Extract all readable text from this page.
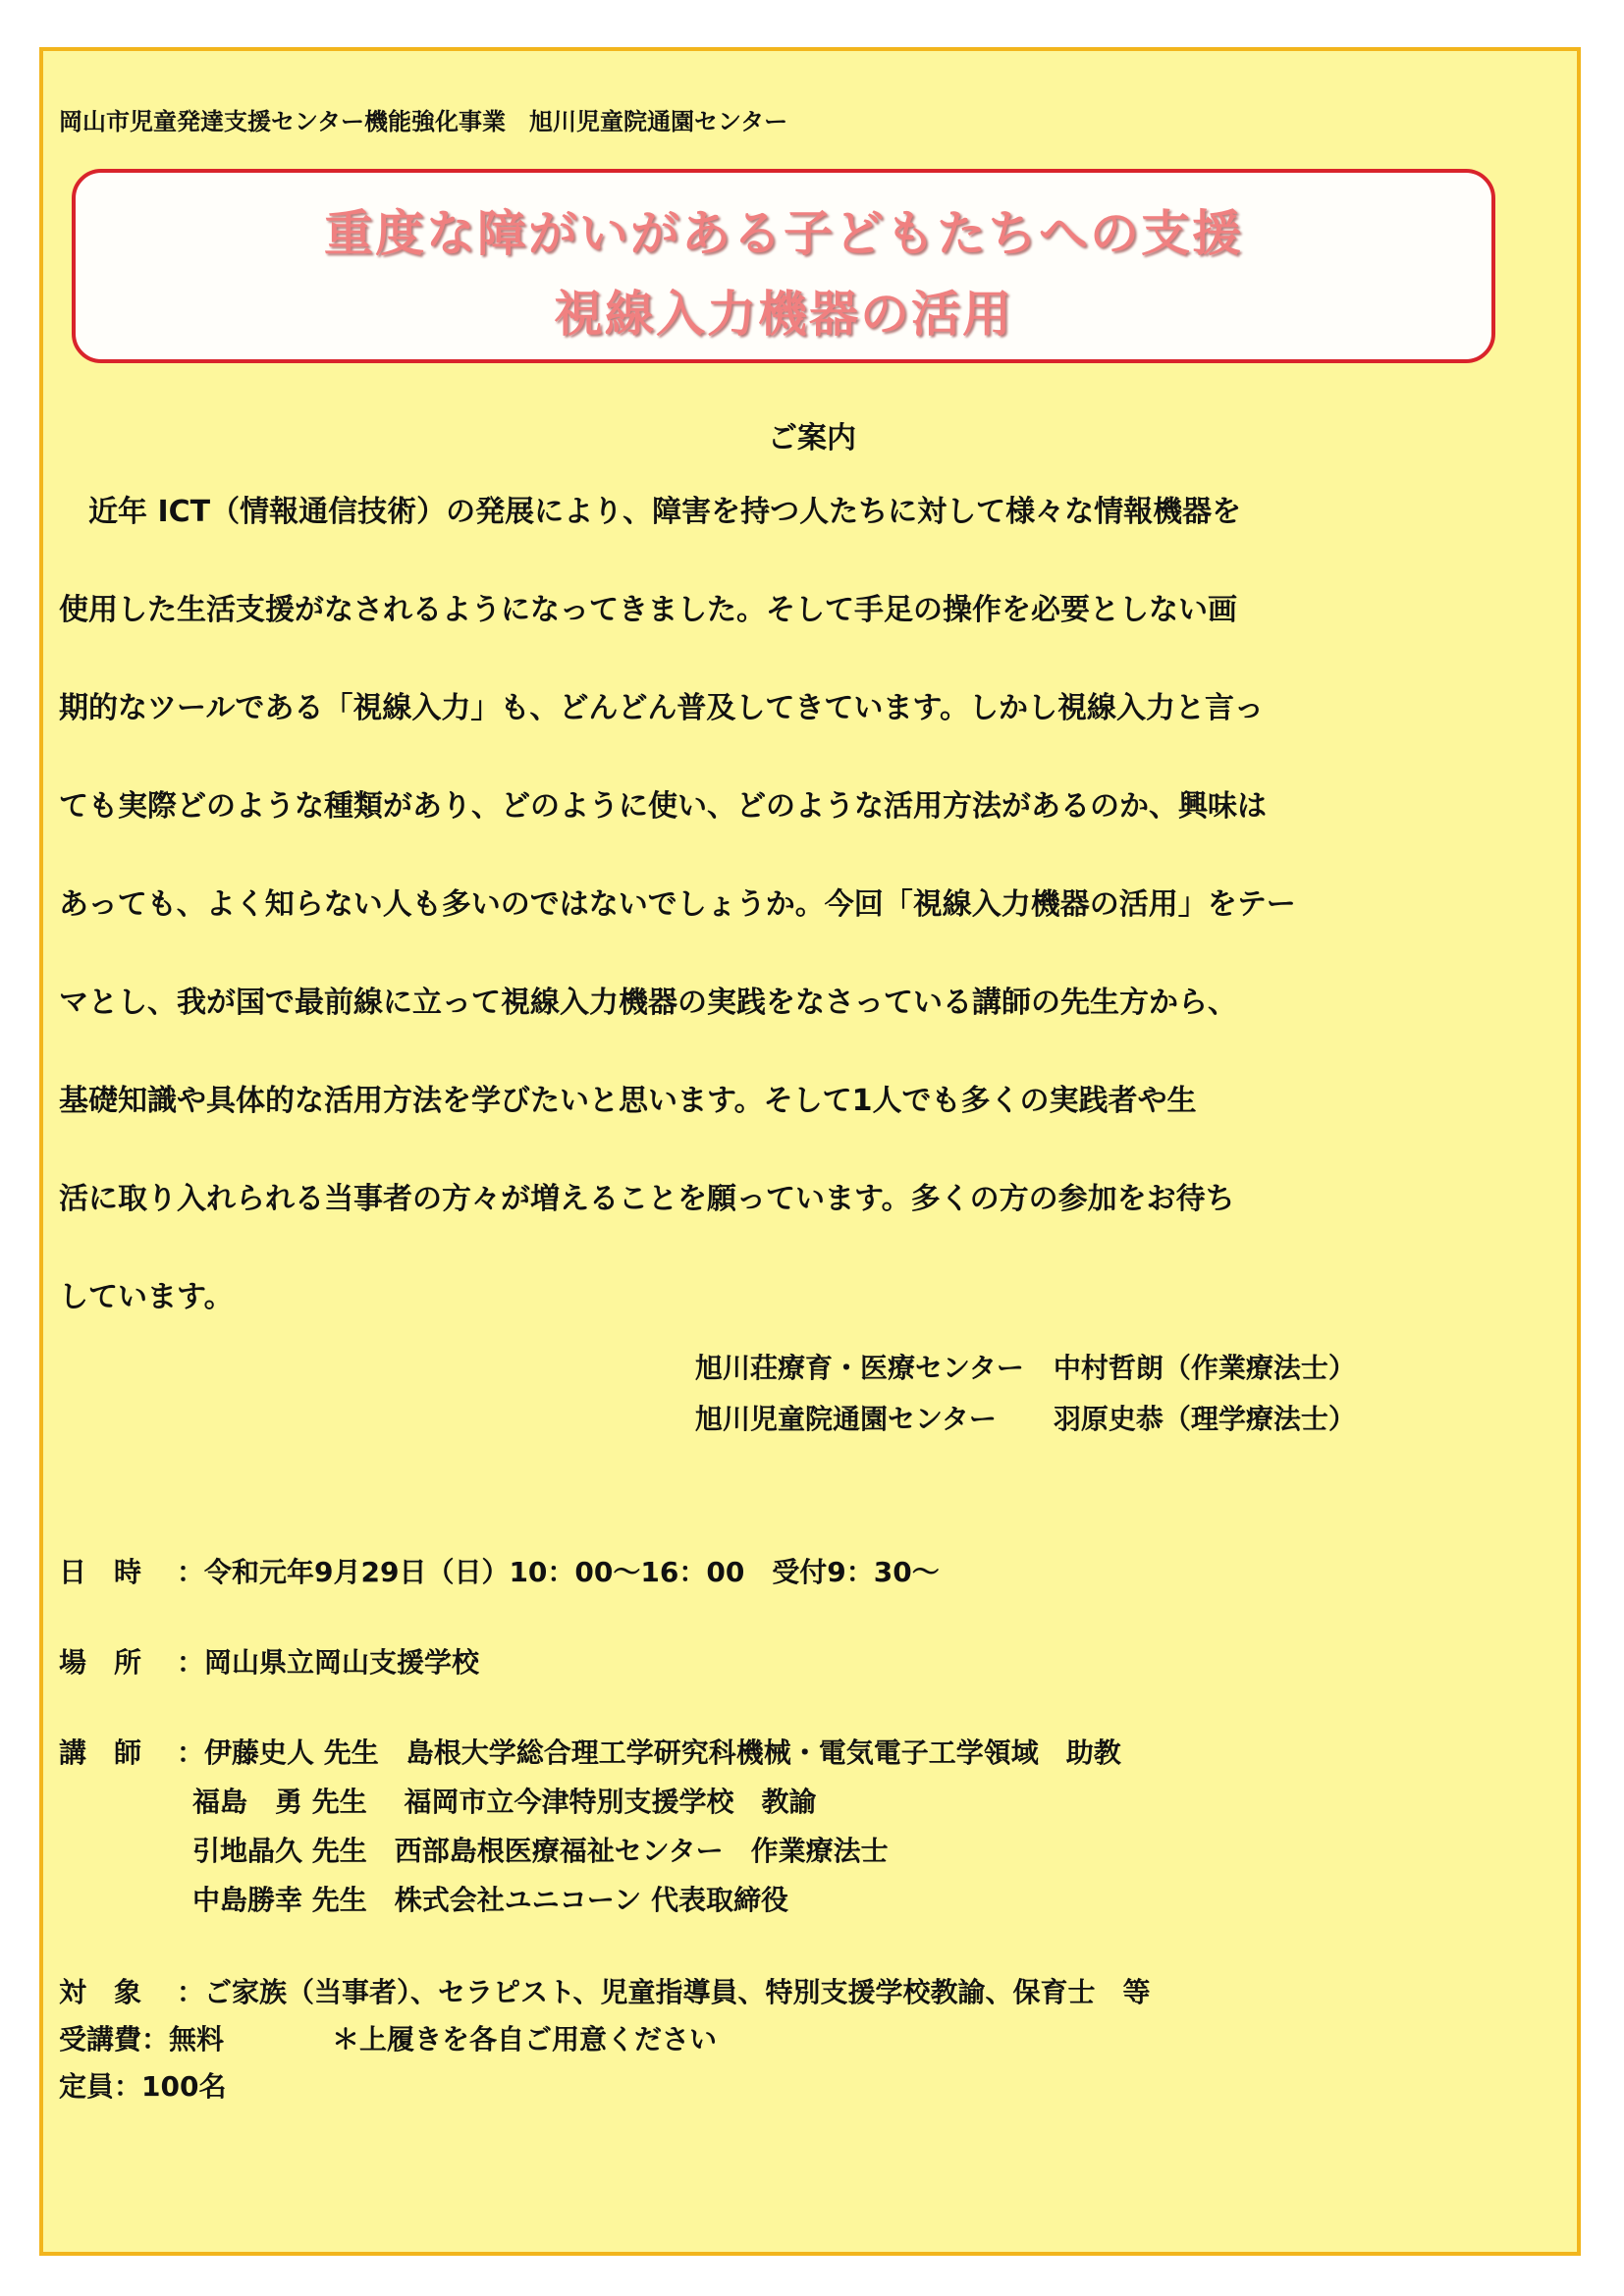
岡山市児童発達支援センター機能強化事業　旭川児童院通園センター
重度な障がいがある子どもたちへの支援
視線入力機器の活用
ご案内
　近年 ICT（情報通信技術）の発展により、障害を持つ人たちに対して様々な情報機器を
使用した生活支援がなされるようになってきました。そして手足の操作を必要としない画
期的なツールである「視線入力」も、どんどん普及してきています。しかし視線入力と言っ
ても実際どのような種類があり、どのように使い、どのような活用方法があるのか、興味は
あっても、よく知らない人も多いのではないでしょうか。今回「視線入力機器の活用」をテー
マとし、我が国で最前線に立って視線入力機器の実践をなさっている講師の先生方から、
基礎知識や具体的な活用方法を学びたいと思います。そして1人でも多くの実践者や生
活に取り入れられる当事者の方々が増えることを願っています。多くの方の参加をお待ち
しています。
旭川荘療育・医療センター 中村哲朗（作業療法士）
旭川児童院通園センター 羽原史恭（理学療法士）
日　時 ：令和元年9月29日（日）10：00～16：00　受付9：30～
場　所 ：岡山県立岡山支援学校
講　師 ：伊藤史人 先生　島根大学総合理工学研究科機械・電気電子工学領域　助教
福島　勇 先生　 福岡市立今津特別支援学校　教諭
引地晶久 先生　西部島根医療福祉センター　作業療法士
中島勝幸 先生　株式会社ユニコーン 代表取締役
対　象 ：ご家族（当事者）、セラピスト、児童指導員、特別支援学校教諭、保育士　等
受講費：無料	＊上履きを各自ご用意ください
定員：100名
